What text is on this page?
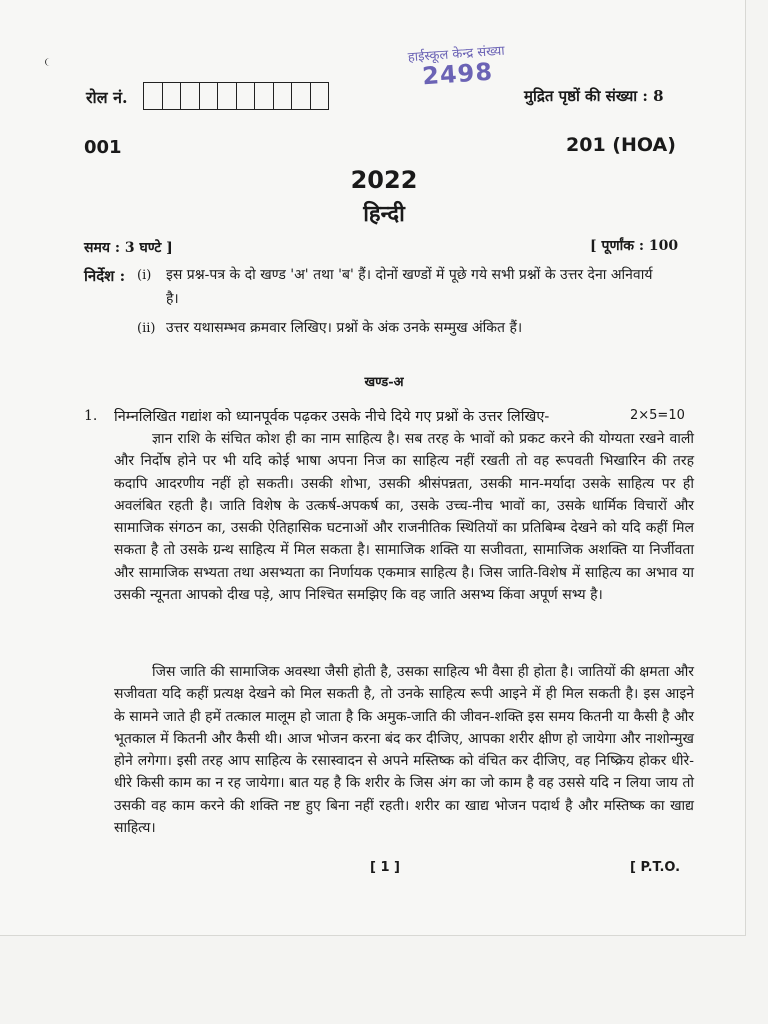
हाईस्कूल केन्द्र संख्या
2498
रोल नं.	मुद्रित पृष्ठों की संख्या : 8
001	201 (HOA)
2022
हिन्दी
समय : 3 घण्टे ]	[ पूर्णांक : 100
निर्देश : (i) इस प्रश्न-पत्र के दो खण्ड 'अ' तथा 'ब' हैं। दोनों खण्डों में पूछे गये सभी प्रश्नों के उत्तर देना अनिवार्य
है।
(ii) उत्तर यथासम्भव क्रमवार लिखिए। प्रश्नों के अंक उनके सम्मुख अंकित हैं।
खण्ड-अ
1. निम्नलिखित गद्यांश को ध्यानपूर्वक पढ़कर उसके नीचे दिये गए प्रश्नों के उत्तर लिखिए-	2×5=10

ज्ञान राशि के संचित कोश ही का नाम साहित्य है। सब तरह के भावों को प्रकट करने की योग्यता रखने वाली और निर्दोष होने पर भी यदि कोई भाषा अपना निज का साहित्य नहीं रखती तो वह रूपवती भिखारिन की तरह कदापि आदरणीय नहीं हो सकती। उसकी शोभा, उसकी श्रीसंपन्नता, उसकी मान-मर्यादा उसके साहित्य पर ही अवलंबित रहती है। जाति विशेष के उत्कर्ष-अपकर्ष का, उसके उच्च-नीच भावों का, उसके धार्मिक विचारों और सामाजिक संगठन का, उसकी ऐतिहासिक घटनाओं और राजनीतिक स्थितियों का प्रतिबिम्ब देखने को यदि कहीं मिल सकता है तो उसके ग्रन्थ साहित्य में मिल सकता है। सामाजिक शक्ति या सजीवता, सामाजिक अशक्ति या निर्जीवता और सामाजिक सभ्यता तथा असभ्यता का निर्णायक एकमात्र साहित्य है। जिस जाति-विशेष में साहित्य का अभाव या उसकी न्यूनता आपको दीख पड़े, आप निश्चित समझिए कि वह जाति असभ्य किंवा अपूर्ण सभ्य है।

जिस जाति की सामाजिक अवस्था जैसी होती है, उसका साहित्य भी वैसा ही होता है। जातियों की क्षमता और सजीवता यदि कहीं प्रत्यक्ष देखने को मिल सकती है, तो उनके साहित्य रूपी आइने में ही मिल सकती है। इस आइने के सामने जाते ही हमें तत्काल मालूम हो जाता है कि अमुक-जाति की जीवन-शक्ति इस समय कितनी या कैसी है और भूतकाल में कितनी और कैसी थी। आज भोजन करना बंद कर दीजिए, आपका शरीर क्षीण हो जायेगा और नाशोन्मुख होने लगेगा। इसी तरह आप साहित्य के रसास्वादन से अपने मस्तिष्क को वंचित कर दीजिए, वह निष्क्रिय होकर धीरे-धीरे किसी काम का न रह जायेगा। बात यह है कि शरीर के जिस अंग का जो काम है वह उससे यदि न लिया जाय तो उसकी वह काम करने की शक्ति नष्ट हुए बिना नहीं रहती। शरीर का खाद्य भोजन पदार्थ है और मस्तिष्क का खाद्य साहित्य।

[ 1 ]	[ P.T.O.
